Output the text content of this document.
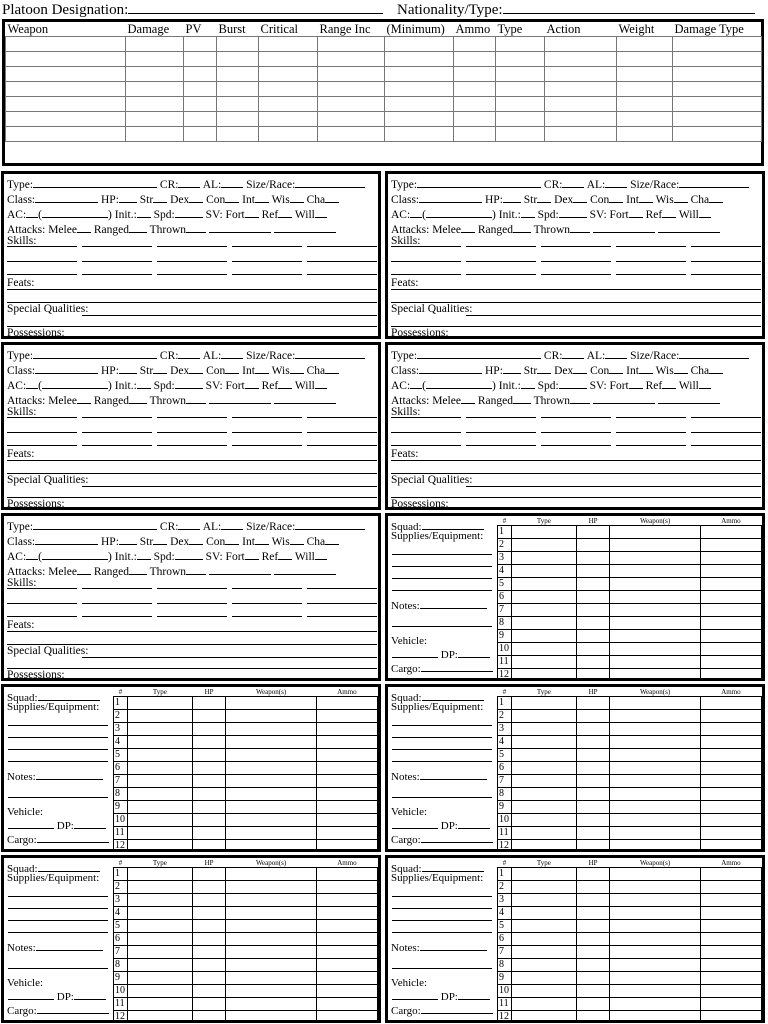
Platoon Designation:	Nationality/Type:
Weapon	Damage	PV	Burst	Critical	Range Inc	(Minimum)	Ammo	Type	Action	Weight	Damage Type

Type:	CR: AL: Size/Race:
Class:	HP: Str Dex Con Int Wis Cha
AC: (	) Init.: Spd:	SV: Fort Ref Will
Attacks: Melee Ranged Thrown
Skills:
Feats:
Special Qualities:
Possessions:
Type:	CR: AL: Size/Race:
Class:	HP: Str Dex Con Int Wis Cha
AC: (	) Init.: Spd:	SV: Fort Ref Will
Attacks: Melee Ranged Thrown
Skills:
Feats:
Special Qualities:
Possessions:
Type:	CR: AL: Size/Race:
Class:	HP: Str Dex Con Int Wis Cha
AC: (	) Init.: Spd:	SV: Fort Ref Will
Attacks: Melee Ranged Thrown
Skills:
Feats:
Special Qualities:
Possessions:
Type:	CR: AL: Size/Race:
Class:	HP: Str Dex Con Int Wis Cha
AC: (	) Init.: Spd:	SV: Fort Ref Will
Attacks: Melee Ranged Thrown
Skills:
Feats:
Special Qualities:
Possessions:
Type:	CR: AL: Size/Race:
Class:	HP: Str Dex Con Int Wis Cha
AC: (	) Init.: Spd:	SV: Fort Ref Will
Attacks: Melee Ranged Thrown
Skills:
Feats:
Special Qualities:
Possessions:
Squad:
Supplies/Equipment:
Notes:
Vehicle:
DP:
Cargo:
#	Type	HP	Weapon(s)	Ammo
1				
2				
3				
4				
5				
6				
7				
8				
9				
10				
11				
12				
Squad:
Supplies/Equipment:
Notes:
Vehicle:
DP:
Cargo:
#	Type	HP	Weapon(s)	Ammo
1				
2				
3				
4				
5				
6				
7				
8				
9				
10				
11				
12				
Squad:
Supplies/Equipment:
Notes:
Vehicle:
DP:
Cargo:
#	Type	HP	Weapon(s)	Ammo
1				
2				
3				
4				
5				
6				
7				
8				
9				
10				
11				
12				
Squad:
Supplies/Equipment:
Notes:
Vehicle:
DP:
Cargo:
#	Type	HP	Weapon(s)	Ammo
1				
2				
3				
4				
5				
6				
7				
8				
9				
10				
11				
12				
Squad:
Supplies/Equipment:
Notes:
Vehicle:
DP:
Cargo:
#	Type	HP	Weapon(s)	Ammo
1				
2				
3				
4				
5				
6				
7				
8				
9				
10				
11				
12				
